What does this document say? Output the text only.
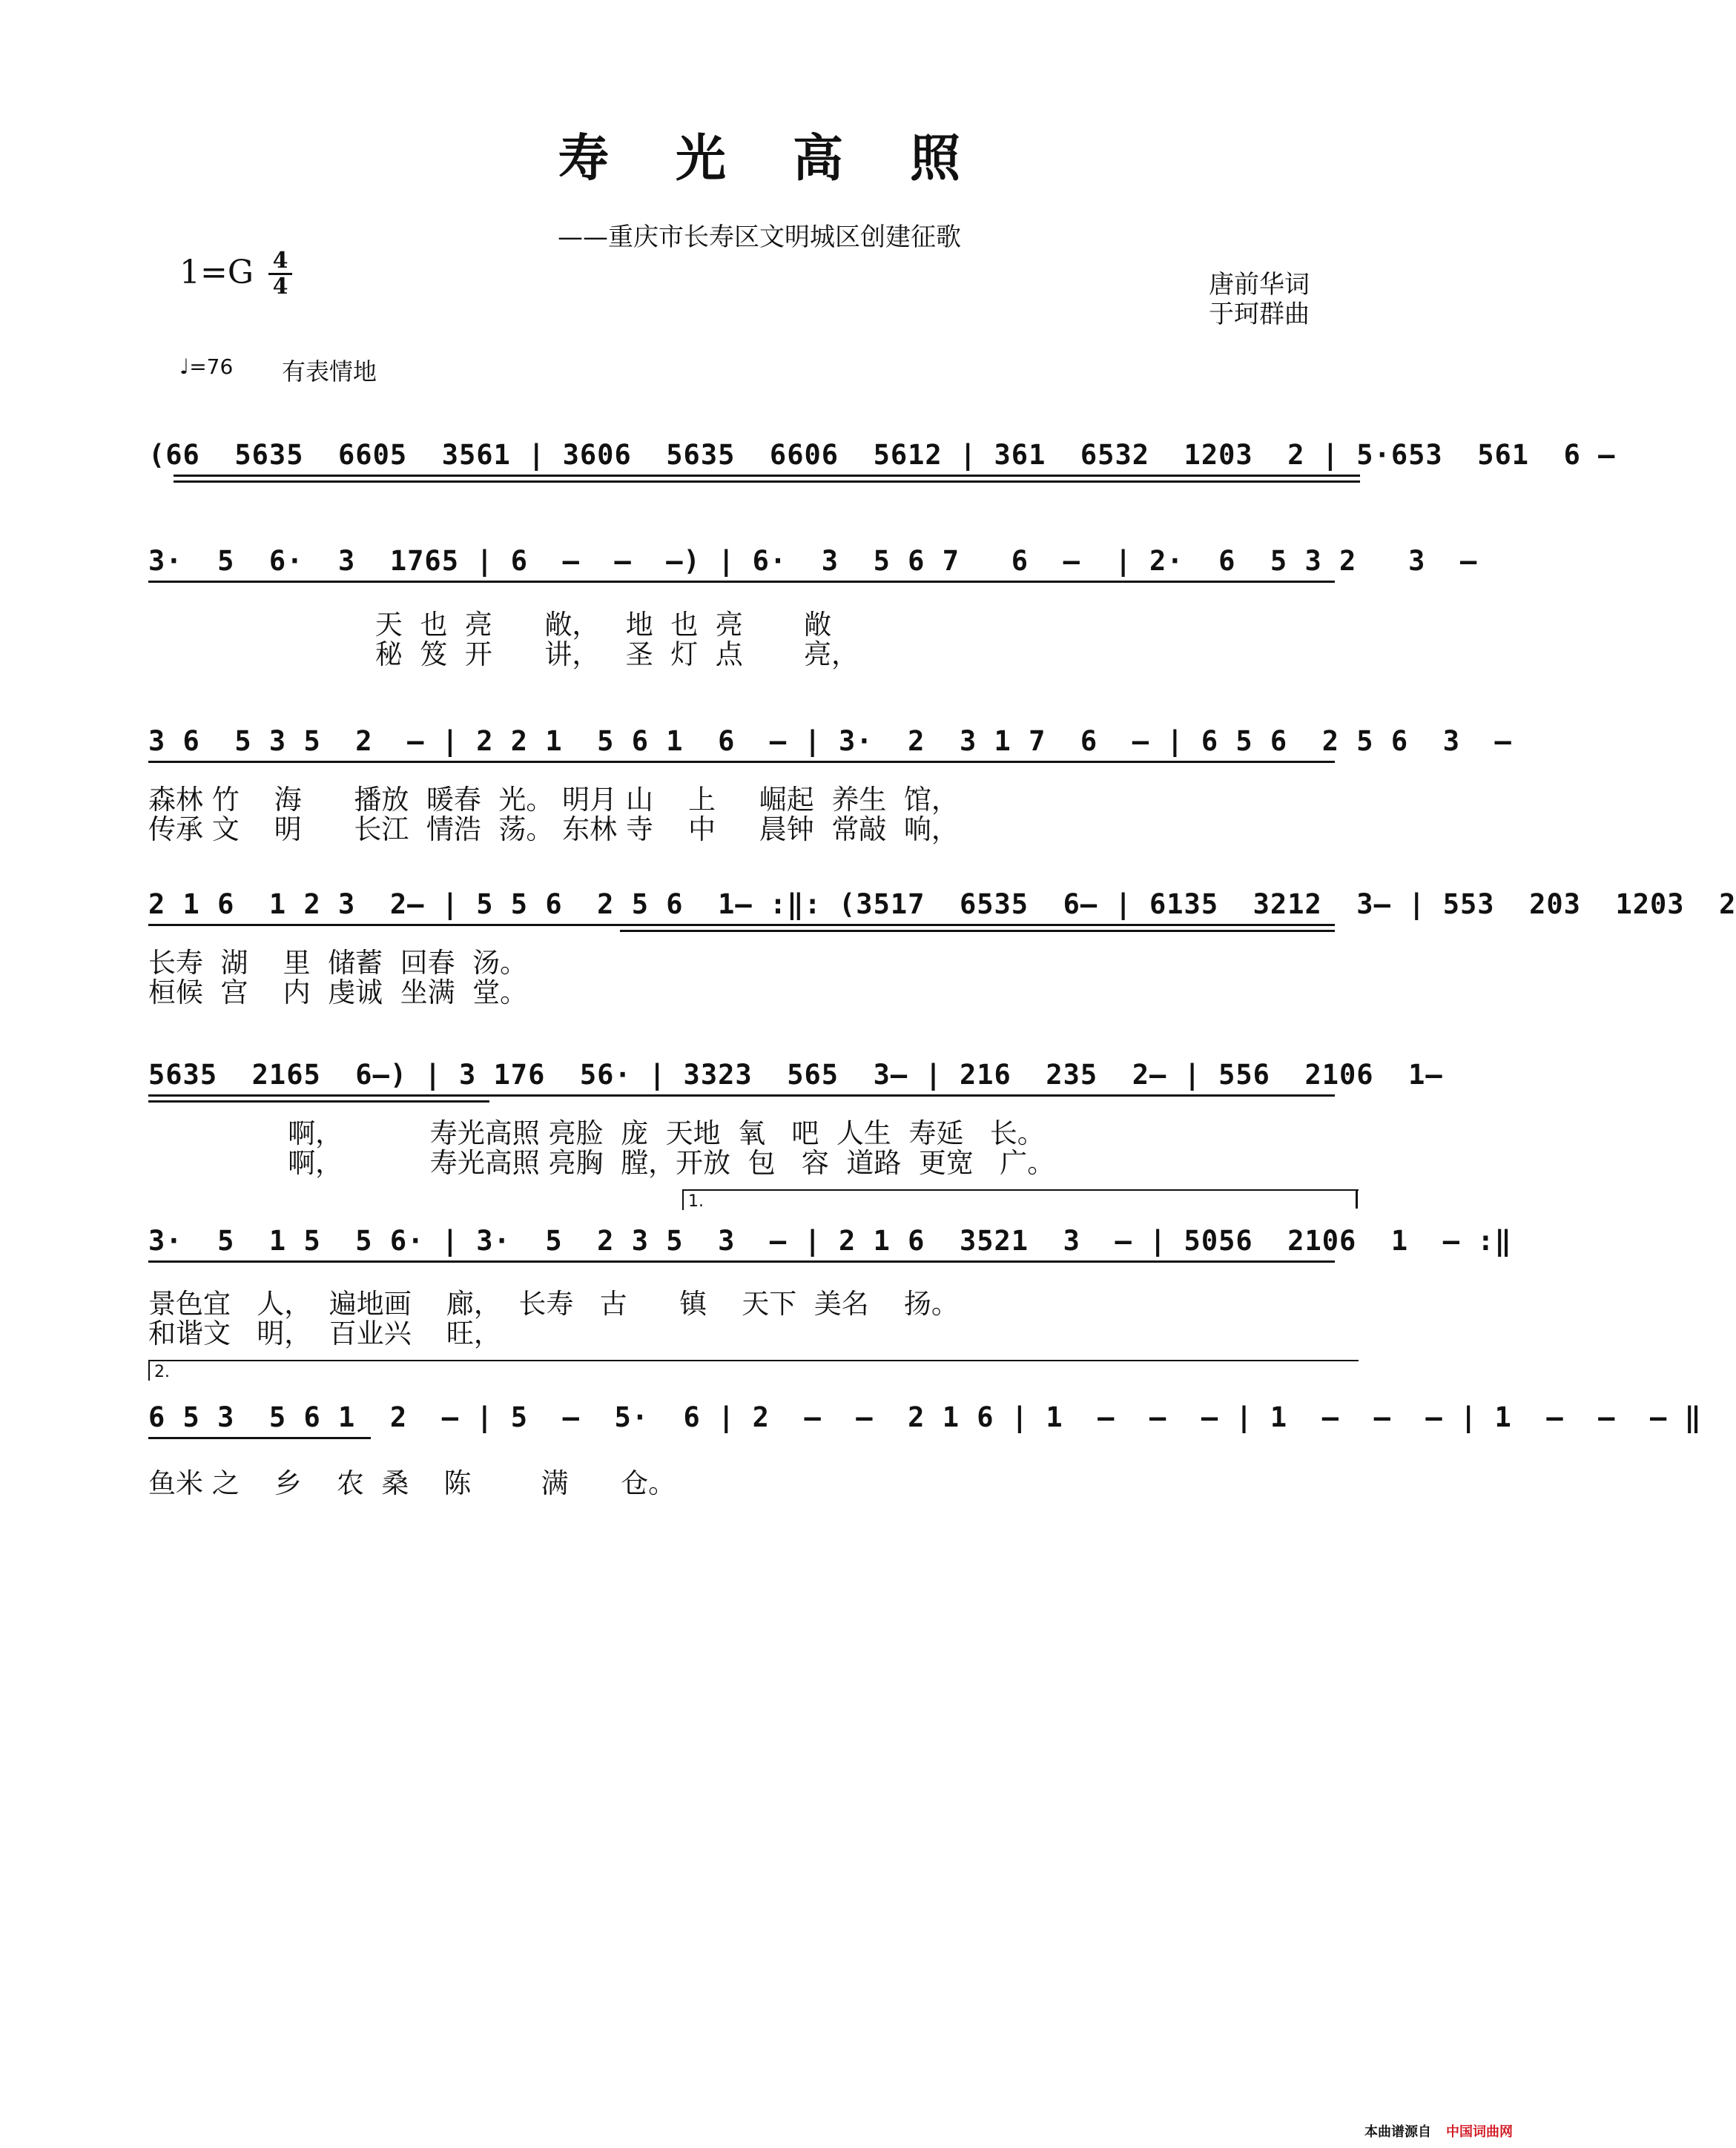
寿光高照
——重庆市长寿区文明城区创建征歌
1=G 4
4	唐前华词
于珂群曲
♩=76 有表情地
(66  5635  6605  3561 | 3606  5635  6606  5612 | 361  6532  1203  2 | 5·653  561  6 –
3·  5  6·  3  1765 | 6  –  –  –) | 6·  3  5 6 7   6  –  | 2·  6  5 3 2   3  –
天  也  亮      敞，   地  也  亮       敞
秘  笈  开      讲，   圣  灯  点       亮，
3 6  5 3 5  2  – | 2 2 1  5 6 1  6  – | 3·  2  3 1 7  6  – | 6 5 6  2 5 6  3  –
森林 竹    海      播放  暖春  光。 明月 山    上     崛起  养生  馆，
传承 文    明      长江  情浩  荡。 东林 寺    中     晨钟  常敲  响，
2 1 6  1 2 3  2– | 5 5 6  2 5 6  1– :‖: (3517  6535  6– | 6135  3212  3– | 553  203  1203  2
长寿  湖    里  储蓄  回春  汤。
桓候  宫    内  虔诚  坐满  堂。
5635  2165  6–) | 3 176  56· | 3323  565  3– | 216  235  2– | 556  2106  1–
啊，          寿光高照 亮脸  庞  天地  氧   吧  人生  寿延   长。
啊，          寿光高照 亮胸  膛，开放  包   容  道路  更宽   广。
1.
3·  5  1 5  5 6· | 3·  5  2 3 5  3  – | 2 1 6  3521  3  – | 5056  2106  1  – :‖
景色宜   人，  遍地画    廊，  长寿   古      镇    天下  美名    扬。
和谐文   明，  百业兴    旺，
2.
6 5 3  5 6 1  2  – | 5  –  5·  6 | 2  –  –  2 1 6 | 1  –  –  – | 1  –  –  – | 1  –  –  – ‖
鱼米 之    乡    农  桑    陈        满      仓。
本曲谱源自 中国词曲网
